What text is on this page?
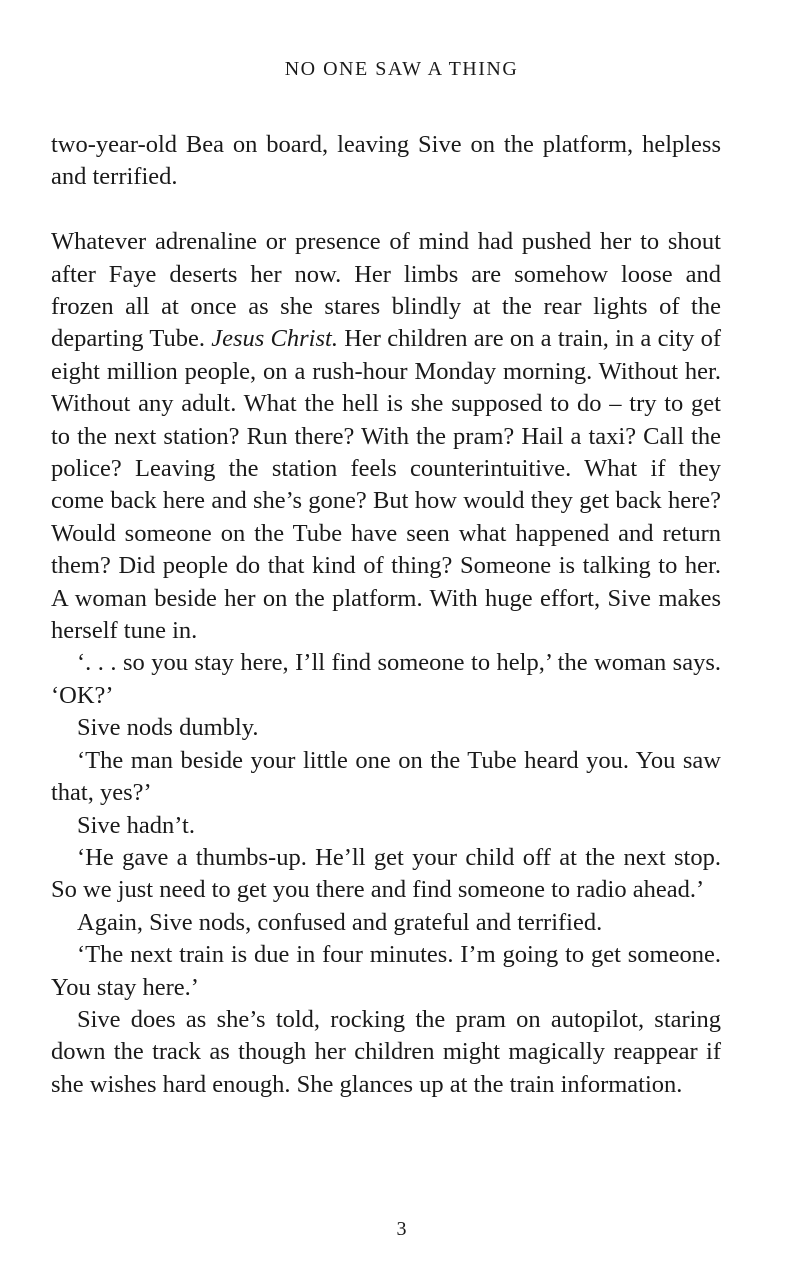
NO ONE SAW A THING

two-year-old Bea on board, leaving Sive on the platform, helpless and terrified.

Whatever adrenaline or presence of mind had pushed her to shout after Faye deserts her now. Her limbs are somehow loose and frozen all at once as she stares blindly at the rear lights of the departing Tube. Jesus Christ. Her children are on a train, in a city of eight million people, on a rush-hour Monday morning. Without her. Without any adult. What the hell is she supposed to do – try to get to the next station? Run there? With the pram? Hail a taxi? Call the police? Leaving the station feels counterintuitive. What if they come back here and she’s gone? But how would they get back here? Would someone on the Tube have seen what happened and return them? Did people do that kind of thing? Someone is talking to her. A woman beside her on the platform. With huge effort, Sive makes herself tune in.

‘. . . so you stay here, I’ll find someone to help,’ the woman says. ‘OK?’

Sive nods dumbly.

‘The man beside your little one on the Tube heard you. You saw that, yes?’

Sive hadn’t.

‘He gave a thumbs-up. He’ll get your child off at the next stop. So we just need to get you there and find someone to radio ahead.’

Again, Sive nods, confused and grateful and terrified.

‘The next train is due in four minutes. I’m going to get someone. You stay here.’

Sive does as she’s told, rocking the pram on autopilot, staring down the track as though her children might magically reappear if she wishes hard enough. She glances up at the train information.

3
